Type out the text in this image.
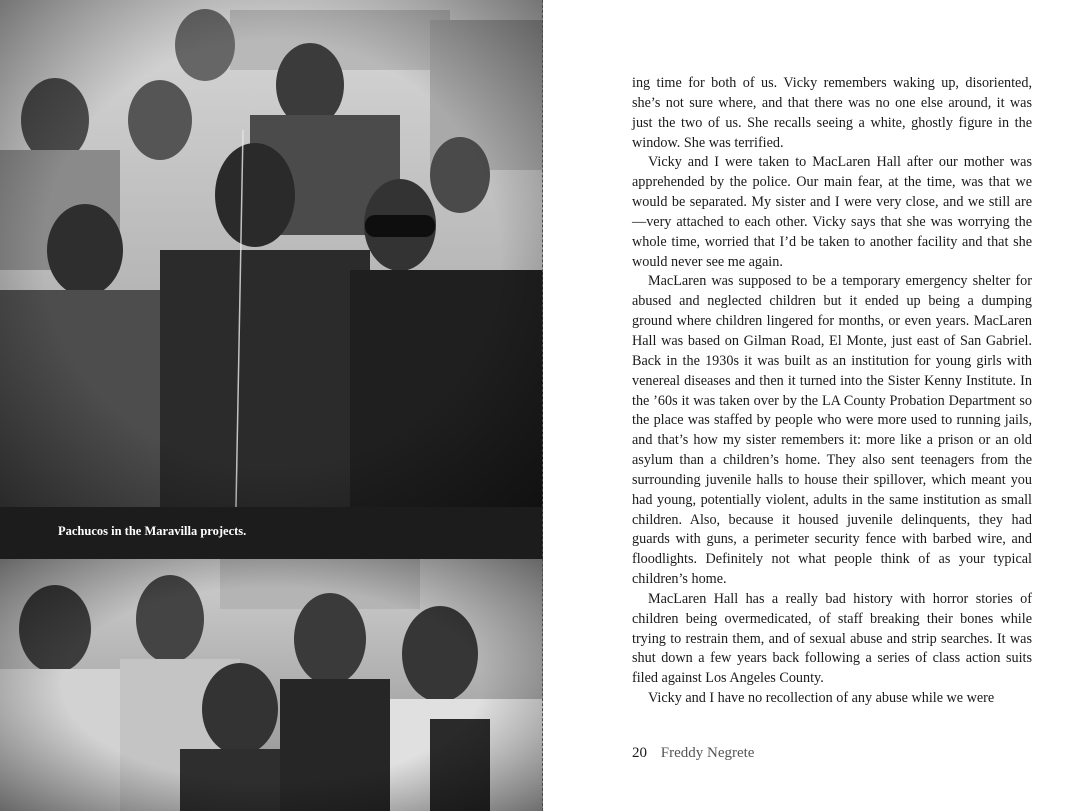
Pachucos in the Maravilla projects.

ing time for both of us. Vicky remembers waking up, disoriented, she’s not sure where, and that there was no one else around, it was just the two of us. She recalls seeing a white, ghostly figure in the window. She was terrified.

Vicky and I were taken to MacLaren Hall after our mother was apprehended by the police. Our main fear, at the time, was that we would be separated. My sister and I were very close, and we still are—very attached to each other. Vicky says that she was worrying the whole time, worried that I’d be taken to another facility and that she would never see me again.

MacLaren was supposed to be a temporary emergency shelter for abused and neglected children but it ended up being a dumping ground where children lingered for months, or even years. MacLaren Hall was based on Gilman Road, El Monte, just east of San Gabriel. Back in the 1930s it was built as an institution for young girls with venereal diseases and then it turned into the Sister Kenny Institute. In the ’60s it was taken over by the LA County Probation Department so the place was staffed by people who were more used to running jails, and that’s how my sister remembers it: more like a prison or an old asylum than a children’s home. They also sent teenagers from the surrounding juvenile halls to house their spillover, which meant you had young, potentially violent, adults in the same institution as small children. Also, because it housed juvenile delinquents, they had guards with guns, a perimeter security fence with barbed wire, and floodlights. Definitely not what people think of as your typical children’s home.

MacLaren Hall has a really bad history with horror stories of children being overmedicated, of staff breaking their bones while trying to restrain them, and of sexual abuse and strip searches. It was shut down a few years back following a series of class action suits filed against Los Angeles County.

Vicky and I have no recollection of any abuse while we were

20 Freddy Negrete
